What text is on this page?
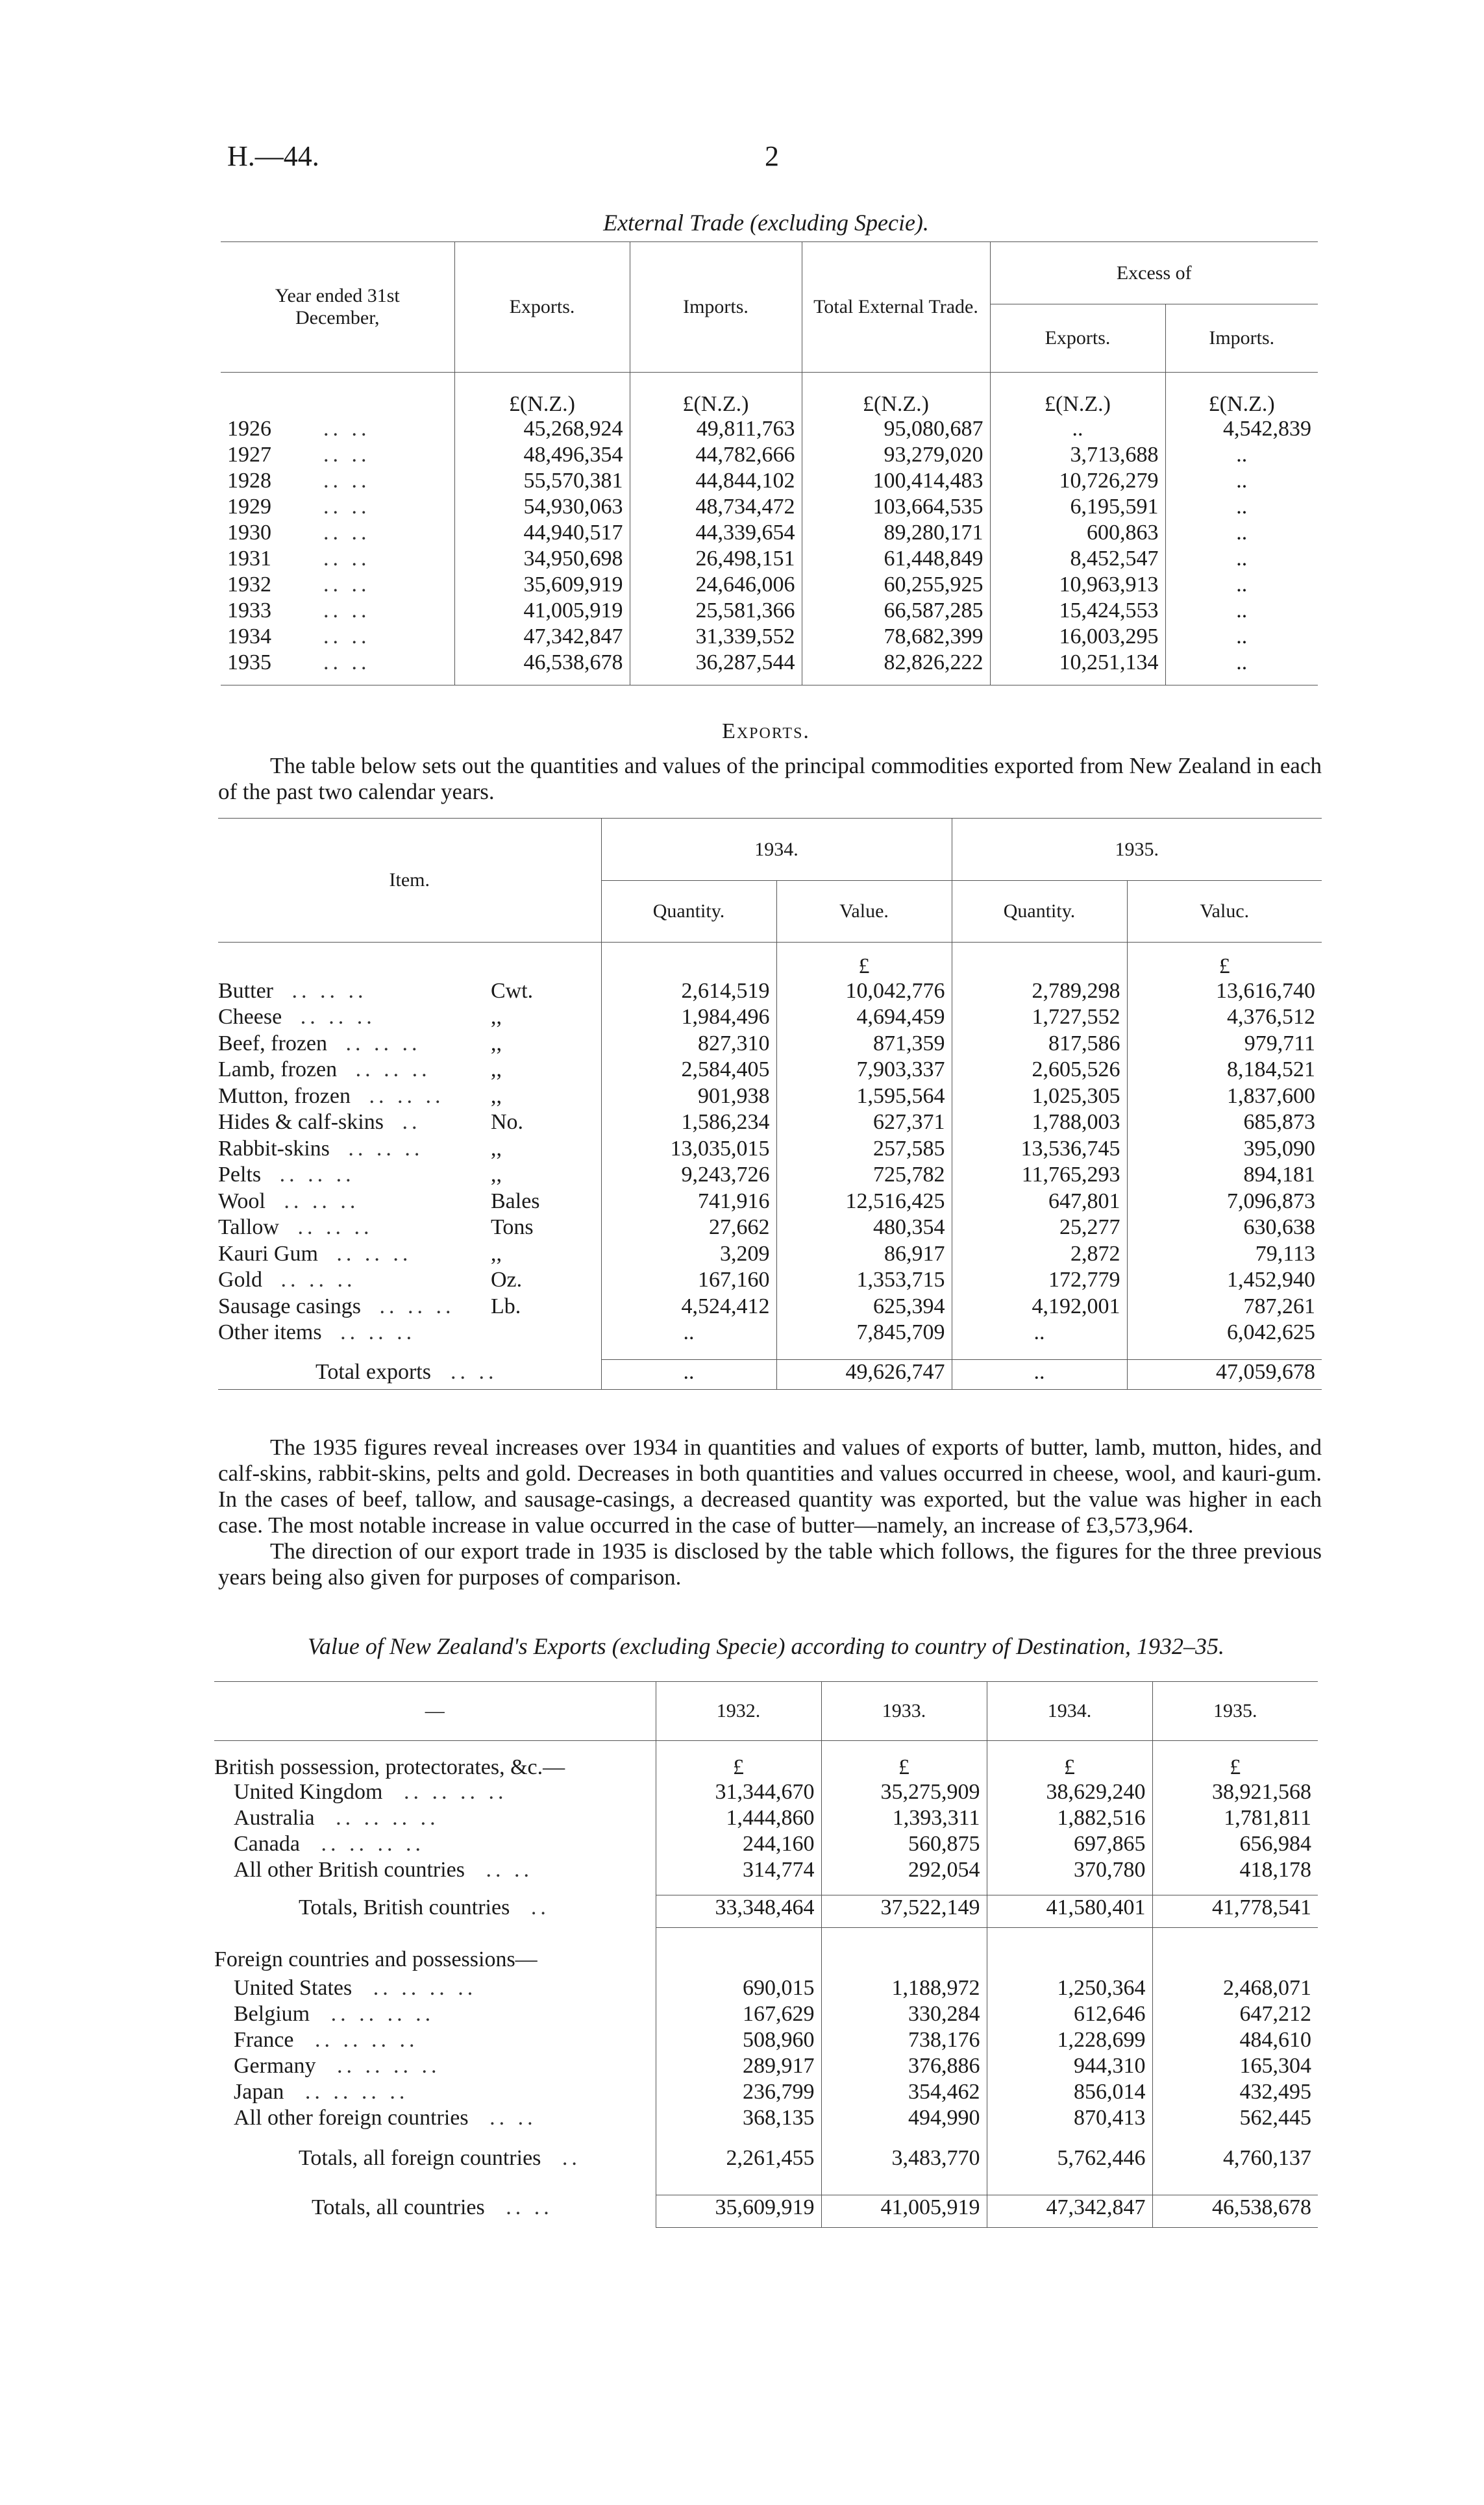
H.—44.	2
External Trade (excluding Specie).
Year ended 31st December,	Exports.	Imports.	Total External Trade.	Excess of	
				Exports.	Imports.
	£(N.Z.)	£(N.Z.)	£(N.Z.)	£(N.Z.)	£(N.Z.)
1926 .. ..	45,268,924	49,811,763	95,080,687	..	4,542,839
1927 .. ..	48,496,354	44,782,666	93,279,020	3,713,688	..
1928 .. ..	55,570,381	44,844,102	100,414,483	10,726,279	..
1929 .. ..	54,930,063	48,734,472	103,664,535	6,195,591	..
1930 .. ..	44,940,517	44,339,654	89,280,171	600,863	..
1931 .. ..	34,950,698	26,498,151	61,448,849	8,452,547	..
1932 .. ..	35,609,919	24,646,006	60,255,925	10,963,913	..
1933 .. ..	41,005,919	25,581,366	66,587,285	15,424,553	..
1934 .. ..	47,342,847	31,339,552	78,682,399	16,003,295	..
1935 .. ..	46,538,678	36,287,544	82,826,222	10,251,134	..

Exports.

The table below sets out the quantities and values of the principal commodities exported from New Zealand in each of the past two calendar years.

Item.		1934.		1935.	
		Quantity.	Value.	Quantity.	Valuc.
			£		£
Butter .. .. ..	Cwt.	2,614,519	10,042,776	2,789,298	13,616,740
Cheese .. .. ..	,,	1,984,496	4,694,459	1,727,552	4,376,512
Beef, frozen .. .. ..	,,	827,310	871,359	817,586	979,711
Lamb, frozen .. .. ..	,,	2,584,405	7,903,337	2,605,526	8,184,521
Mutton, frozen .. .. ..	,,	901,938	1,595,564	1,025,305	1,837,600
Hides & calf-skins ..	No.	1,586,234	627,371	1,788,003	685,873
Rabbit-skins .. .. ..	,,	13,035,015	257,585	13,536,745	395,090
Pelts .. .. ..	,,	9,243,726	725,782	11,765,293	894,181
Wool .. .. ..	Bales	741,916	12,516,425	647,801	7,096,873
Tallow .. .. ..	Tons	27,662	480,354	25,277	630,638
Kauri Gum .. .. ..	,,	3,209	86,917	2,872	79,113
Gold .. .. ..	Oz.	167,160	1,353,715	172,779	1,452,940
Sausage casings .. .. ..	Lb.	4,524,412	625,394	4,192,001	787,261
Other items .. .. ..		..	7,845,709	..	6,042,625

Total exports .. ..		..	49,626,747	..	47,059,678

The 1935 figures reveal increases over 1934 in quantities and values of exports of butter, lamb, mutton, hides, and calf-skins, rabbit-skins, pelts and gold. Decreases in both quantities and values occurred in cheese, wool, and kauri-gum. In the cases of beef, tallow, and sausage-casings, a decreased quantity was exported, but the value was higher in each case. The most notable increase in value occurred in the case of butter—namely, an increase of £3,573,964.

The direction of our export trade in 1935 is disclosed by the table which follows, the figures for the three previous years being also given for purposes of comparison.

Value of New Zealand's Exports (excluding Specie) according to country of Destination, 1932–35.
—	1932.	1933.	1934.	1935.
British possession, protectorates, &c.—	£	£	£	£
United Kingdom .. .. .. ..	31,344,670	35,275,909	38,629,240	38,921,568
Australia .. .. .. ..	1,444,860	1,393,311	1,882,516	1,781,811
Canada .. .. .. ..	244,160	560,875	697,865	656,984
All other British countries .. ..	314,774	292,054	370,780	418,178

Totals, British countries ..	33,348,464	37,522,149	41,580,401	41,778,541

Foreign countries and possessions—				
United States .. .. .. ..	690,015	1,188,972	1,250,364	2,468,071
Belgium .. .. .. ..	167,629	330,284	612,646	647,212
France .. .. .. ..	508,960	738,176	1,228,699	484,610
Germany .. .. .. ..	289,917	376,886	944,310	165,304
Japan .. .. .. ..	236,799	354,462	856,014	432,495
All other foreign countries .. ..	368,135	494,990	870,413	562,445

Totals, all foreign countries ..	2,261,455	3,483,770	5,762,446	4,760,137

Totals, all countries .. ..	35,609,919	41,005,919	47,342,847	46,538,678
